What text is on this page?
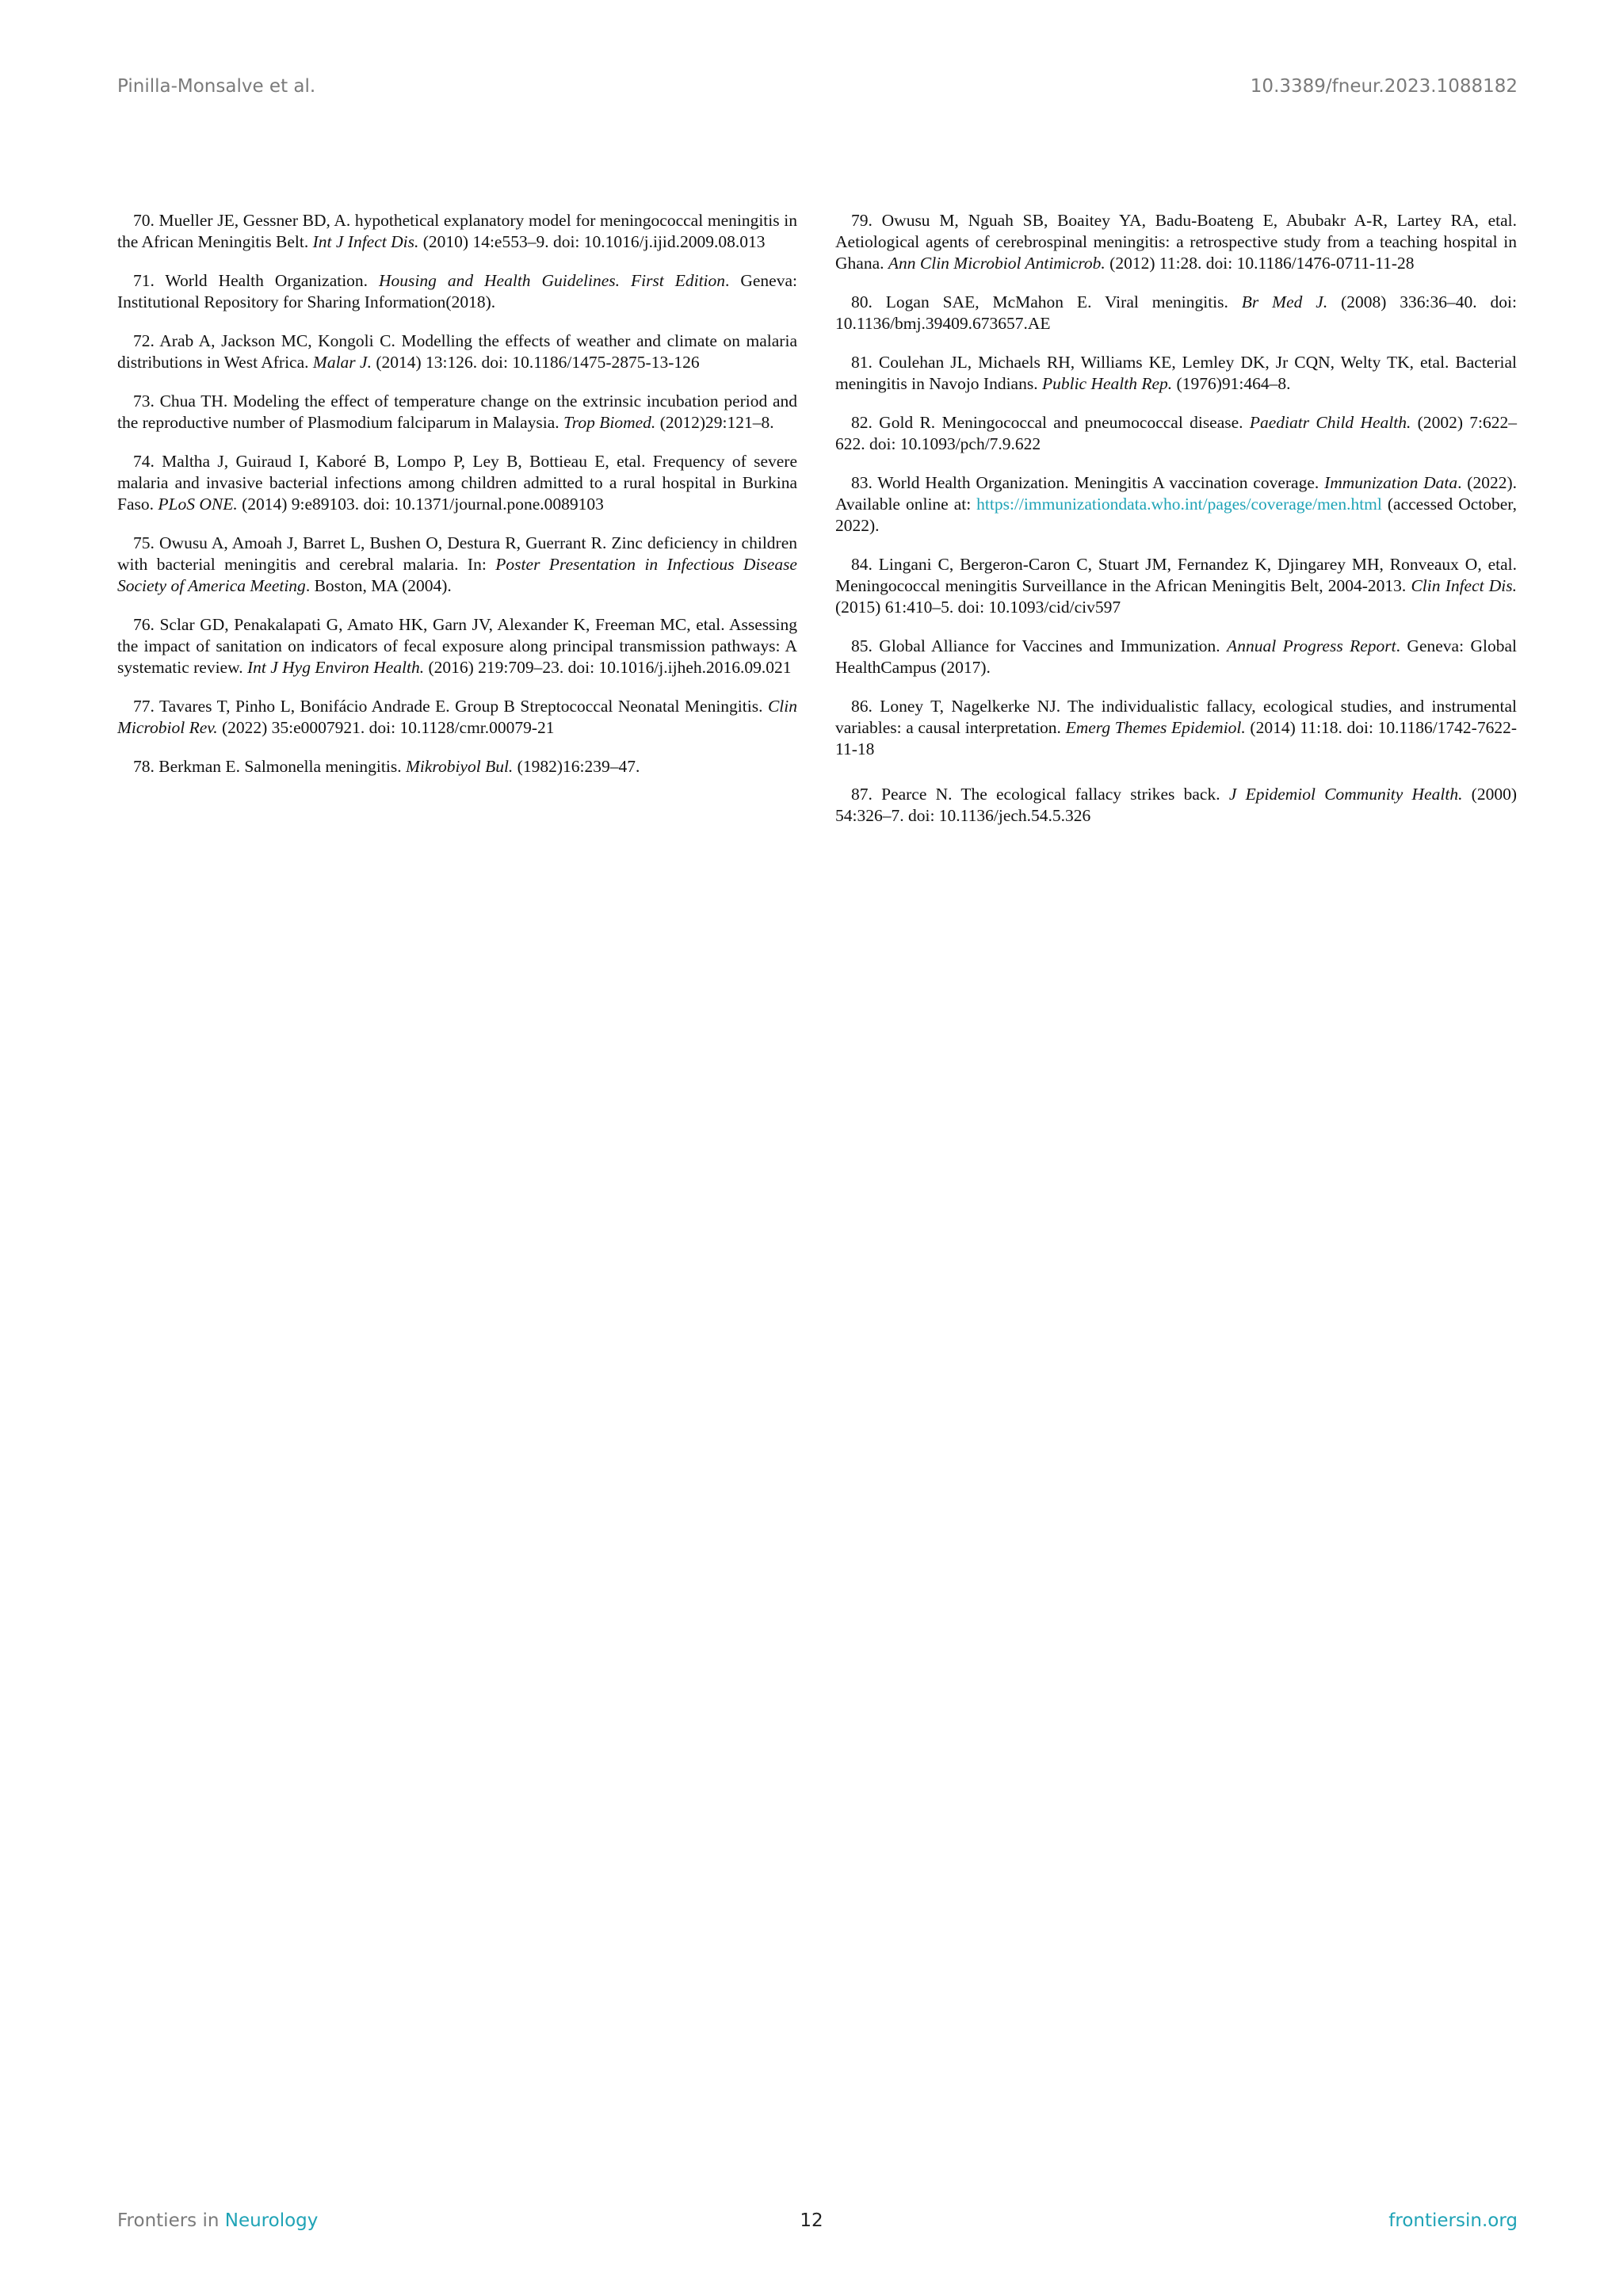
Pinilla-Monsalve et al.	10.3389/fneur.2023.1088182

70. Mueller JE, Gessner BD, A. hypothetical explanatory model for meningococcal meningitis in the African Meningitis Belt. Int J Infect Dis. (2010) 14:e553–9. doi: 10.1016/j.ijid.2009.08.013

71. World Health Organization. Housing and Health Guidelines. First Edition. Geneva: Institutional Repository for Sharing Information(2018).

72. Arab A, Jackson MC, Kongoli C. Modelling the effects of weather and climate on malaria distributions in West Africa. Malar J. (2014) 13:126. doi: 10.1186/1475-2875-13-126

73. Chua TH. Modeling the effect of temperature change on the extrinsic incubation period and the reproductive number of Plasmodium falciparum in Malaysia. Trop Biomed. (2012)29:121–8.

74. Maltha J, Guiraud I, Kaboré B, Lompo P, Ley B, Bottieau E, etal. Frequency of severe malaria and invasive bacterial infections among children admitted to a rural hospital in Burkina Faso. PLoS ONE. (2014) 9:e89103. doi: 10.1371/journal.pone.0089103

75. Owusu A, Amoah J, Barret L, Bushen O, Destura R, Guerrant R. Zinc deficiency in children with bacterial meningitis and cerebral malaria. In: Poster Presentation in Infectious Disease Society of America Meeting. Boston, MA (2004).

76. Sclar GD, Penakalapati G, Amato HK, Garn JV, Alexander K, Freeman MC, etal. Assessing the impact of sanitation on indicators of fecal exposure along principal transmission pathways: A systematic review. Int J Hyg Environ Health. (2016) 219:709–23. doi: 10.1016/j.ijheh.2016.09.021

77. Tavares T, Pinho L, Bonifácio Andrade E. Group B Streptococcal Neonatal Meningitis. Clin Microbiol Rev. (2022) 35:e0007921. doi: 10.1128/cmr.00079-21

78. Berkman E. Salmonella meningitis. Mikrobiyol Bul. (1982)16:239–47.

79. Owusu M, Nguah SB, Boaitey YA, Badu-Boateng E, Abubakr A-R, Lartey RA, etal. Aetiological agents of cerebrospinal meningitis: a retrospective study from a teaching hospital in Ghana. Ann Clin Microbiol Antimicrob. (2012) 11:28. doi: 10.1186/1476-0711-11-28

80. Logan SAE, McMahon E. Viral meningitis. Br Med J. (2008) 336:36–40. doi: 10.1136/bmj.39409.673657.AE

81. Coulehan JL, Michaels RH, Williams KE, Lemley DK, Jr CQN, Welty TK, etal. Bacterial meningitis in Navojo Indians. Public Health Rep. (1976)91:464–8.

82. Gold R. Meningococcal and pneumococcal disease. Paediatr Child Health. (2002) 7:622–622. doi: 10.1093/pch/7.9.622

83. World Health Organization. Meningitis A vaccination coverage. Immunization Data. (2022). Available online at: https://immunizationdata.who.int/pages/coverage/men.html (accessed October, 2022).

84. Lingani C, Bergeron-Caron C, Stuart JM, Fernandez K, Djingarey MH, Ronveaux O, etal. Meningococcal meningitis Surveillance in the African Meningitis Belt, 2004-2013. Clin Infect Dis. (2015) 61:410–5. doi: 10.1093/cid/civ597

85. Global Alliance for Vaccines and Immunization. Annual Progress Report. Geneva: Global HealthCampus (2017).

86. Loney T, Nagelkerke NJ. The individualistic fallacy, ecological studies, and instrumental variables: a causal interpretation. Emerg Themes Epidemiol. (2014) 11:18. doi: 10.1186/1742-7622-11-18

87. Pearce N. The ecological fallacy strikes back. J Epidemiol Community Health. (2000) 54:326–7. doi: 10.1136/jech.54.5.326

Frontiers in Neurology	12	frontiersin.org
